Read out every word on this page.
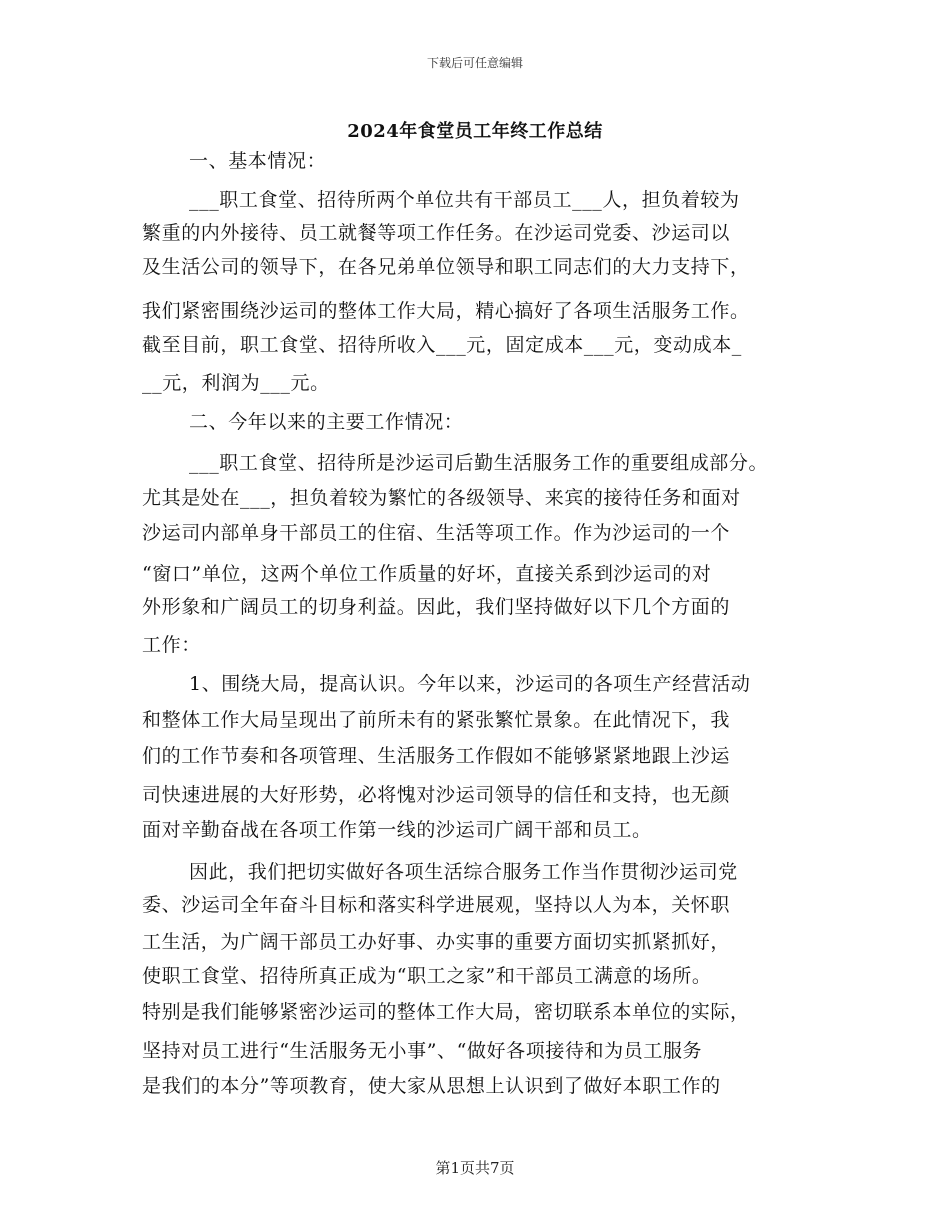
下载后可任意编辑
2024年食堂员工年终工作总结
一、基本情况：
___职工食堂、招待所两个单位共有干部员工___人，担负着较为
繁重的内外接待、员工就餐等项工作任务。在沙运司党委、沙运司以
及生活公司的领导下，在各兄弟单位领导和职工同志们的大力支持下，
我们紧密围绕沙运司的整体工作大局，精心搞好了各项生活服务工作。
截至目前，职工食堂、招待所收入___元，固定成本___元，变动成本_
__元，利润为___元。
二、今年以来的主要工作情况：
___职工食堂、招待所是沙运司后勤生活服务工作的重要组成部分。
尤其是处在___，担负着较为繁忙的各级领导、来宾的接待任务和面对
沙运司内部单身干部员工的住宿、生活等项工作。作为沙运司的一个
“窗口”单位，这两个单位工作质量的好坏，直接关系到沙运司的对
外形象和广阔员工的切身利益。因此，我们坚持做好以下几个方面的
工作：
1、围绕大局，提高认识。今年以来，沙运司的各项生产经营活动
和整体工作大局呈现出了前所未有的紧张繁忙景象。在此情况下，我
们的工作节奏和各项管理、生活服务工作假如不能够紧紧地跟上沙运
司快速进展的大好形势，必将愧对沙运司领导的信任和支持，也无颜
面对辛勤奋战在各项工作第一线的沙运司广阔干部和员工。
因此，我们把切实做好各项生活综合服务工作当作贯彻沙运司党
委、沙运司全年奋斗目标和落实科学进展观，坚持以人为本，关怀职
工生活，为广阔干部员工办好事、办实事的重要方面切实抓紧抓好，
使职工食堂、招待所真正成为“职工之家”和干部员工满意的场所。
特别是我们能够紧密沙运司的整体工作大局，密切联系本单位的实际，
坚持对员工进行“生活服务无小事”、“做好各项接待和为员工服务
是我们的本分”等项教育，使大家从思想上认识到了做好本职工作的
第1页共7页
